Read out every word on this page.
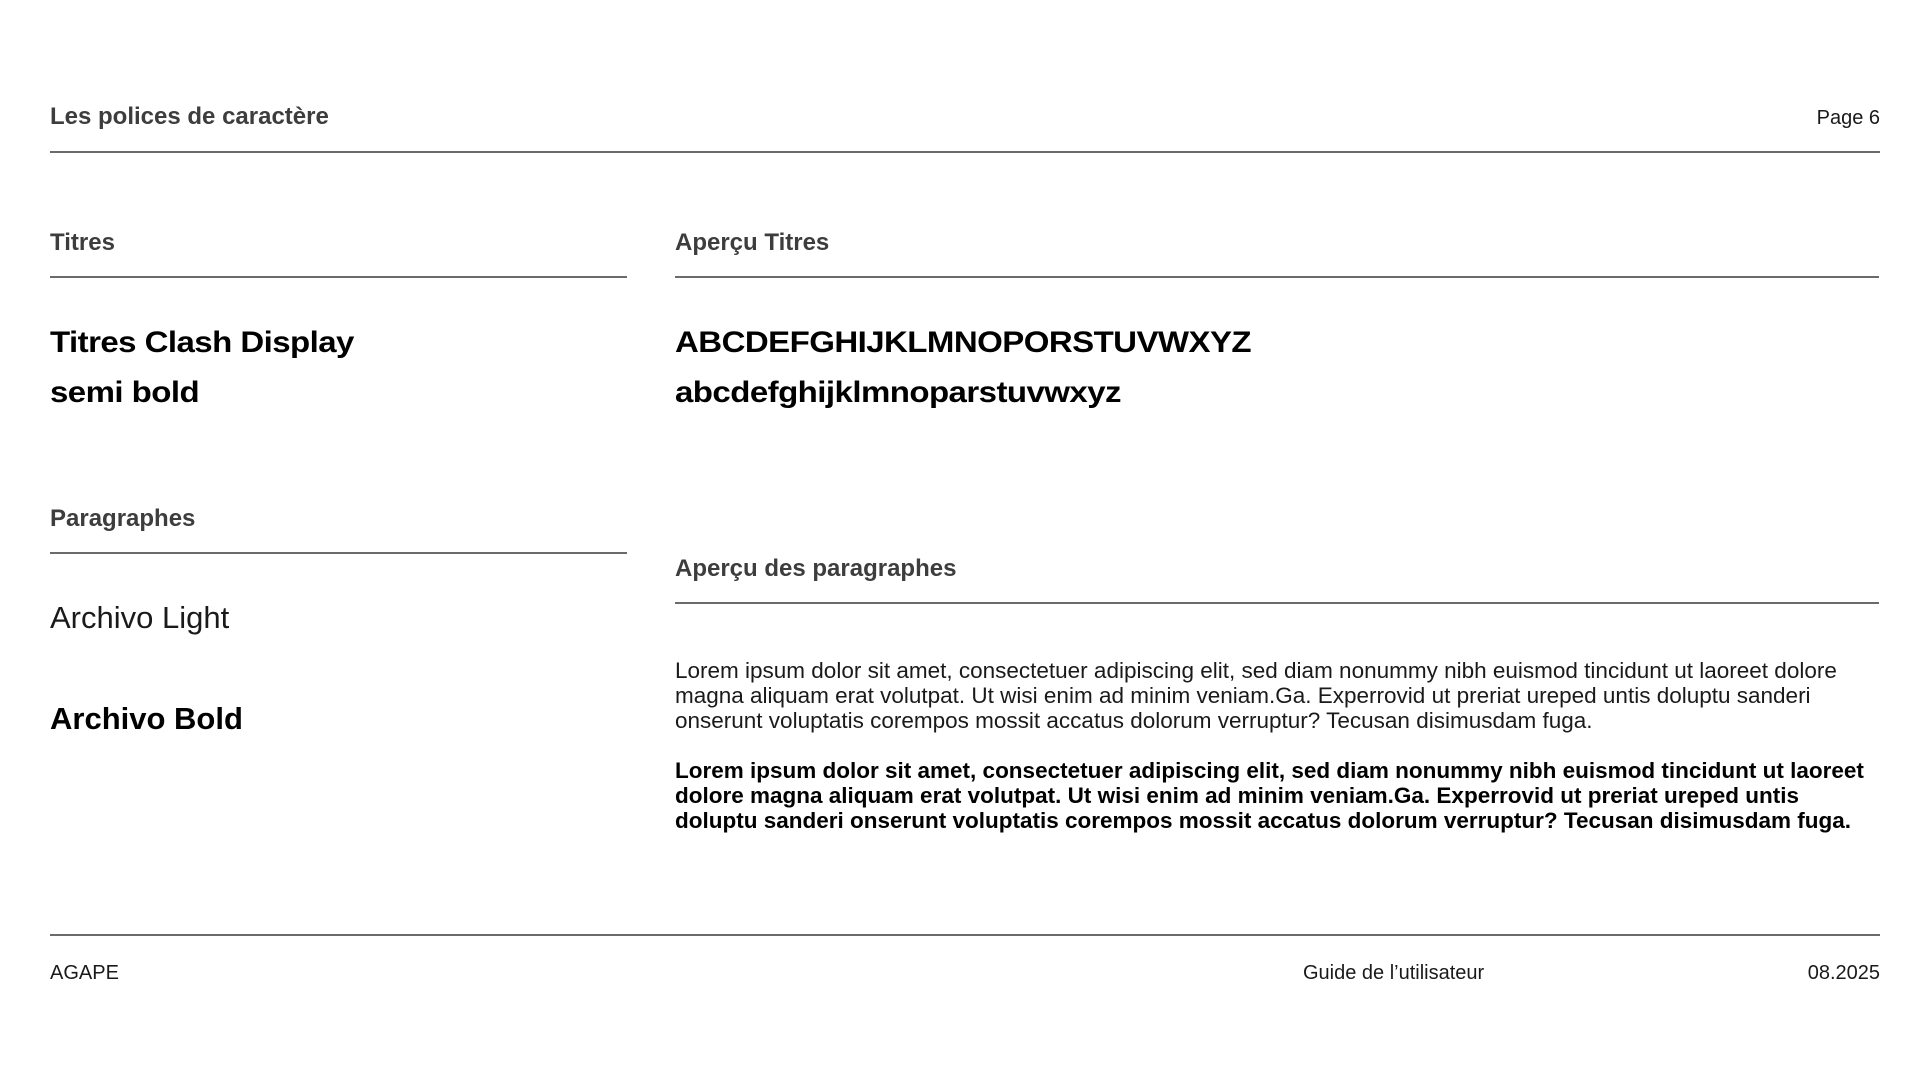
Les polices de caractère	Page 6
Titres
Titres Clash Display
semi bold
Aperçu Titres
ABCDEFGHIJKLMNOPORSTUVWXYZ
abcdefghijklmnoparstuvwxyz
Paragraphes
Archivo Light
Archivo Bold
Aperçu des paragraphes

Lorem ipsum dolor sit amet, consectetuer adipiscing elit, sed diam nonummy nibh euismod tincidunt ut laoreet dolore magna aliquam erat volutpat. Ut wisi enim ad minim veniam.Ga. Experrovid ut preriat ureped untis doluptu sanderi onserunt voluptatis corempos mossit accatus dolorum verruptur? Tecusan disimusdam fuga.

Lorem ipsum dolor sit amet, consectetuer adipiscing elit, sed diam nonummy nibh euismod tincidunt ut laoreet dolore magna aliquam erat volutpat. Ut wisi enim ad minim veniam.Ga. Experrovid ut preriat ureped untis doluptu sanderi onserunt voluptatis corempos mossit accatus dolorum verruptur? Tecusan disimusdam fuga.

AGAPE	Guide de l’utilisateur	08.2025
